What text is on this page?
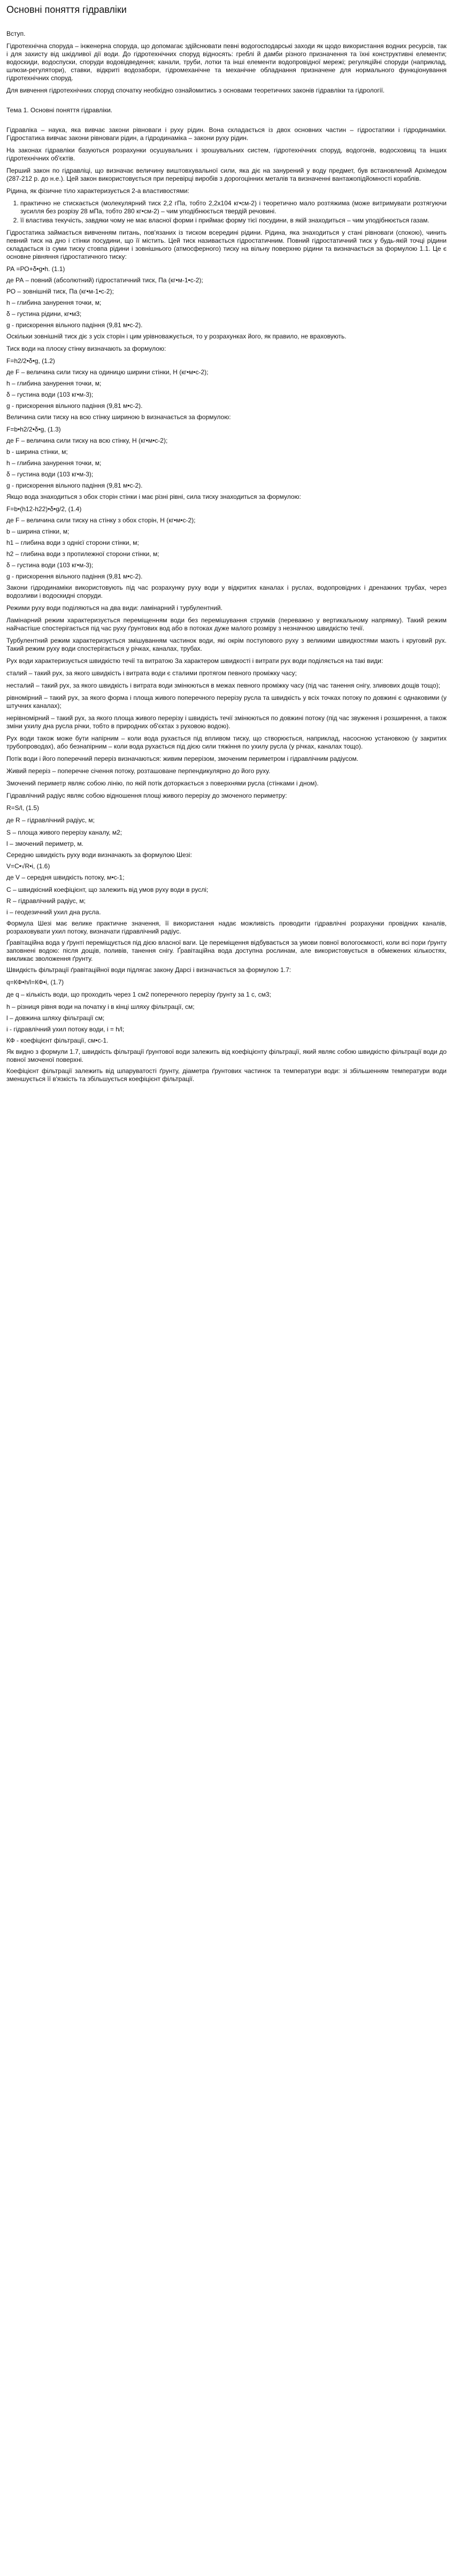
Основні поняття гідравліки

Вступ.

Гідротехнічна споруда – інженерна споруда, що допомагає здійснювати певні водогосподарські заходи як щодо використання водних ресурсів, так і для захисту від шкідливої дії води. До гідротехнічних споруд відносять: греблі й дамби різного призначення та їхні конструктивні елементи; водоскиди, водоспуски, споруди водовідведення; канали, труби, лотки та інші елементи водопровідної мережі; регуляційні споруди (наприклад, шлюзи-регулятори), ставки, відкриті водозабори, гідромеханічне та механічне обладнання призначене для нормального функціонування гідротехнічних споруд.

Для вивчення гідротехнічних споруд спочатку необхідно ознайомитись з основами теоретичних законів гідравліки та гідрології.

Тема 1. Основні поняття гідравліки.

Гідравліка – наука, яка вивчає закони рівноваги і руху рідин. Вона складається із двох основних частин – гідростатики і гідродинаміки. Гідростатика вивчає закони рівноваги рідин, а гідродинаміка – закони руху рідин.

На законах гідравліки базуються розрахунки осушувальних і зрошувальних систем, гідротехнічних споруд, водогонів, водосховищ та інших гідротехнічних об'єктів.

Перший закон по гідравліці, що визначає величину виштовхувальної сили, яка діє на занурений у воду предмет, був встановлений Архімедом (287-212 р. до н.е.). Цей закон використовується при перевірці виробів з дорогоцінних металів та визначенні вантажопідйомності кораблів.

Рідина, як фізичне тіло характеризується 2-а властивостями:

1. практично не стискається (молекулярний тиск 2,2 гПа, тобто 2,2х104 кг•см-2) і теоретично мало розтяжима (може витримувати розтягуючи зусилля без розрізу 28 мПа, тобто 280 кг•см-2) – чим уподібнюється твердій речовині.
2. її властива текучість, завдяки чому не має власної форми і приймає форму тієї посудини, в якій знаходиться – чим уподібнюється газам.

Гідростатика займається вивченням питань, пов'язаних із тиском всередині рідини. Рідина, яка знаходиться у стані рівноваги (спокою), чинить певний тиск на дно і стінки посудини, що її містить. Цей тиск називається гідростатичним. Повний гідростатичний тиск у будь-якій точці рідини складається із суми тиску стовпа рідини і зовнішнього (атмосферного) тиску на вільну поверхню рідини та визначається за формулою 1.1. Це є основне рівняння гідростатичного тиску:

РА =РО+δ•g•h. (1.1)

де РА – повний (абсолютний) гідростатичний тиск, Па (кг•м-1•с-2);

РО – зовнішній тиск, Па (кг•м-1•с-2);

h – глибина занурення точки, м;

δ – густина рідини, кг•м3;

g - прискорення вільного падіння (9,81 м•с-2).

Оскільки зовнішній тиск діє з усіх сторін і цим урівноважується, то у розрахунках його, як правило, не враховують.

Тиск води на плоску стінку визначають за формулою:

F=h2/2•δ•g, (1.2)

де F – величина сили тиску на одиницю ширини стінки, Н (кг•м•с-2);

h – глибина занурення точки, м;

δ – густина води (103 кг•м-3);

g - прискорення вільного падіння (9,81 м•с-2).

Величина сили тиску на всю стінку шириною b визначається за формулою:

F=b•h2/2•δ•g, (1.3)

де F – величина сили тиску на всю стінку, Н (кг•м•с-2);

b - ширина стінки, м;

h – глибина занурення точки, м;

δ – густина води (103 кг•м-3);

g - прискорення вільного падіння (9,81 м•с-2).

Якщо вода знаходиться з обох сторін стінки і має різні рівні, сила тиску знаходиться за формулою:

F=b•(h12-h22)•δ•g/2, (1.4)

де F – величина сили тиску на стінку з обох сторін, Н (кг•м•с-2);

b – ширина стінки, м;

h1 – глибина води з однієї сторони стінки, м;

h2 – глибина води з протилежної сторони стінки, м;

δ – густина води (103 кг•м-3);

g - прискорення вільного падіння (9,81 м•с-2).

Закони гідродинаміки використовують під час розрахунку руху води у відкритих каналах і руслах, водопровідних і дренажних трубах, через водозливи і водоскидні споруди.

Режими руху води поділяються на два види: ламінарний і турбулентний.

Ламінарний режим характеризується переміщенням води без перемішування струмків (переважно у вертикальному напрямку). Такий режим найчастіше спостерігається під час руху ґрунтових вод або в потоках дуже малого розміру з незначною швидкістю течії.

Турбулентний режим характеризується змішуванням частинок води, які окрім поступового руху з великими швидкостями мають і круговий рух. Такий режим руху води спостерігається у річках, каналах, трубах.

Рух води характеризується швидкістю течії та витратою За характером швидкості і витрати рух води поділяється на такі види:

сталий – такий рух, за якого швидкість і витрата води є сталими протягом певного проміжку часу;

несталий – такий рух, за якого швидкість і витрата води змінюються в межах певного проміжку часу (під час танення снігу, зливових дощів тощо);

рівномірний – такий рух, за якого форма і площа живого поперечного перерізу русла та швидкість у всіх точках потоку по довжині є однаковими (у штучних каналах);

нерівномірний – такий рух, за якого площа живого перерізу і швидкість течії змінюються по довжині потоку (під час звуження і розширення, а також зміни ухилу дна русла річки, тобто в природних об'єктах з руховою водою).

Рух води також може бути напірним – коли вода рухається під впливом тиску, що створюється, наприклад, насосною установкою (у закритих трубопроводах), або безнапірним – коли вода рухається під дією сили тяжіння по ухилу русла (у річках, каналах тощо).

Потік води і його поперечний переріз визначаються: живим перерізом, змоченим периметром і гідравлічним радіусом.

Живий переріз – поперечне січення потоку, розташоване перпендикулярно до його руху.

Змочений периметр являє собою лінію, по якій потік доторкається з поверхнями русла (стінками і дном).

Гідравлічний радіус являє собою відношення площі живого перерізу до змоченого периметру:

R=S/l, (1.5)

де R – гідравлічний радіус, м;

S – площа живого перерізу каналу, м2;

l – змочений периметр, м.

Середню швидкість руху води визначають за формулою Шезі:

V=C•√R•i, (1.6)

де V – середня швидкість потоку, м•с-1;

C – швидкісний коефіцієнт, що залежить від умов руху води в руслі;

R – гідравлічний радіус, м;

і – геодезичний ухил дна русла.

Формула Шезі має велике практичне значення, її використання надає можливість проводити гідравлічні розрахунки провідних каналів, розраховувати ухил потоку, визначати гідравлічний радіус.

Ґравітаційна вода у ґрунті переміщується під дією власної ваги. Це переміщення відбувається за умови повної вологоємкості, коли всі пори ґрунту заповнені водою: після дощів, поливів, танення снігу. Ґравітаційна вода доступна рослинам, але використовується в обмежених кількостях, викликає зволоження ґрунту.

Швидкість фільтрації ґравітаційної води підлягає закону Дарсі і визначається за формулою 1.7:

q=КФ•h/l=КФ•i, (1.7)

де q – кількість води, що проходить через 1 см2 поперечного перерізу ґрунту за 1 с, см3;

h – різниця рівня води на початку і в кінці шляху фільтрації, см;

l – довжина шляху фільтрації см;

i - гідравлічний ухил потоку води, i = h/l;

КФ - коефіцієнт фільтрації, см•с-1.

Як видно з формули 1.7, швидкість фільтрації ґрунтової води залежить від коефіцієнту фільтрації, який являє собою швидкістю фільтрації води до повної змоченої поверхні.

Коефіцієнт фільтрації залежить від шпаруватості ґрунту, діаметра ґрунтових частинок та температури води: зі збільшенням температури води зменшується її в'язкість та збільшується коефіцієнт фільтрації.
